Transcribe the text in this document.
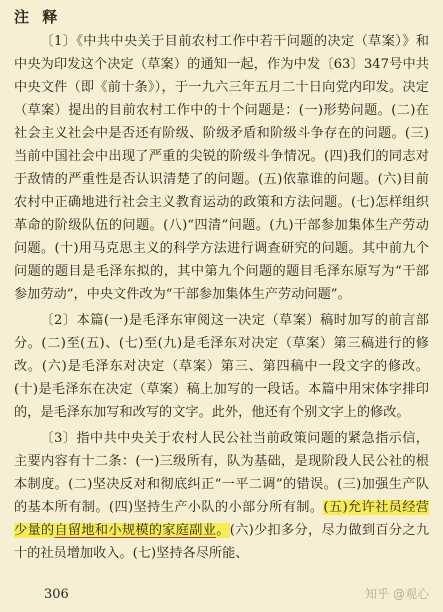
注 释

〔1〕《中共中央关于目前农村工作中若干问题的决定（草案）》和中央为印发这个决定（草案）的通知一起，作为中发〔63〕347号中共中央文件（即《前十条》），于一九六三年五月二十日向党内印发。决定（草案）提出的目前农村工作中的十个问题是：(一)形势问题。(二)在社会主义社会中是否还有阶级、阶级矛盾和阶级斗争存在的问题。(三)当前中国社会中出现了严重的尖锐的阶级斗争情况。(四)我们的同志对于敌情的严重性是否认识清楚了的问题。(五)依靠谁的问题。(六)目前农村中正确地进行社会主义教育运动的政策和方法问题。(七)怎样组织革命的阶级队伍的问题。(八)“四清”问题。(九)干部参加集体生产劳动问题。(十)用马克思主义的科学方法进行调查研究的问题。其中前九个问题的题目是毛泽东拟的，其中第九个问题的题目毛泽东原写为“干部参加劳动”，中央文件改为“干部参加集体生产劳动问题”。

〔2〕本篇(一)是毛泽东审阅这一决定（草案）稿时加写的前言部分。(二)至(五)、(七)至(九)是毛泽东对决定（草案）第三稿进行的修改。(六)是毛泽东对决定（草案）第三、第四稿中一段文字的修改。(十)是毛泽东在决定（草案）稿上加写的一段话。本篇中用宋体字排印的，是毛泽东加写和改写的文字。此外，他还有个别文字上的修改。

〔3〕指中共中央关于农村人民公社当前政策问题的紧急指示信，主要内容有十二条：(一)三级所有，队为基础，是现阶段人民公社的根本制度。(二)坚决反对和彻底纠正“一平二调”的错误。(三)加强生产队的基本所有制。(四)坚持生产小队的小部分所有制。(五)允许社员经营少量的自留地和小规模的家庭副业。(六)少扣多分，尽力做到百分之九十的社员增加收入。(七)坚持各尽所能、

306	知乎 @观心
